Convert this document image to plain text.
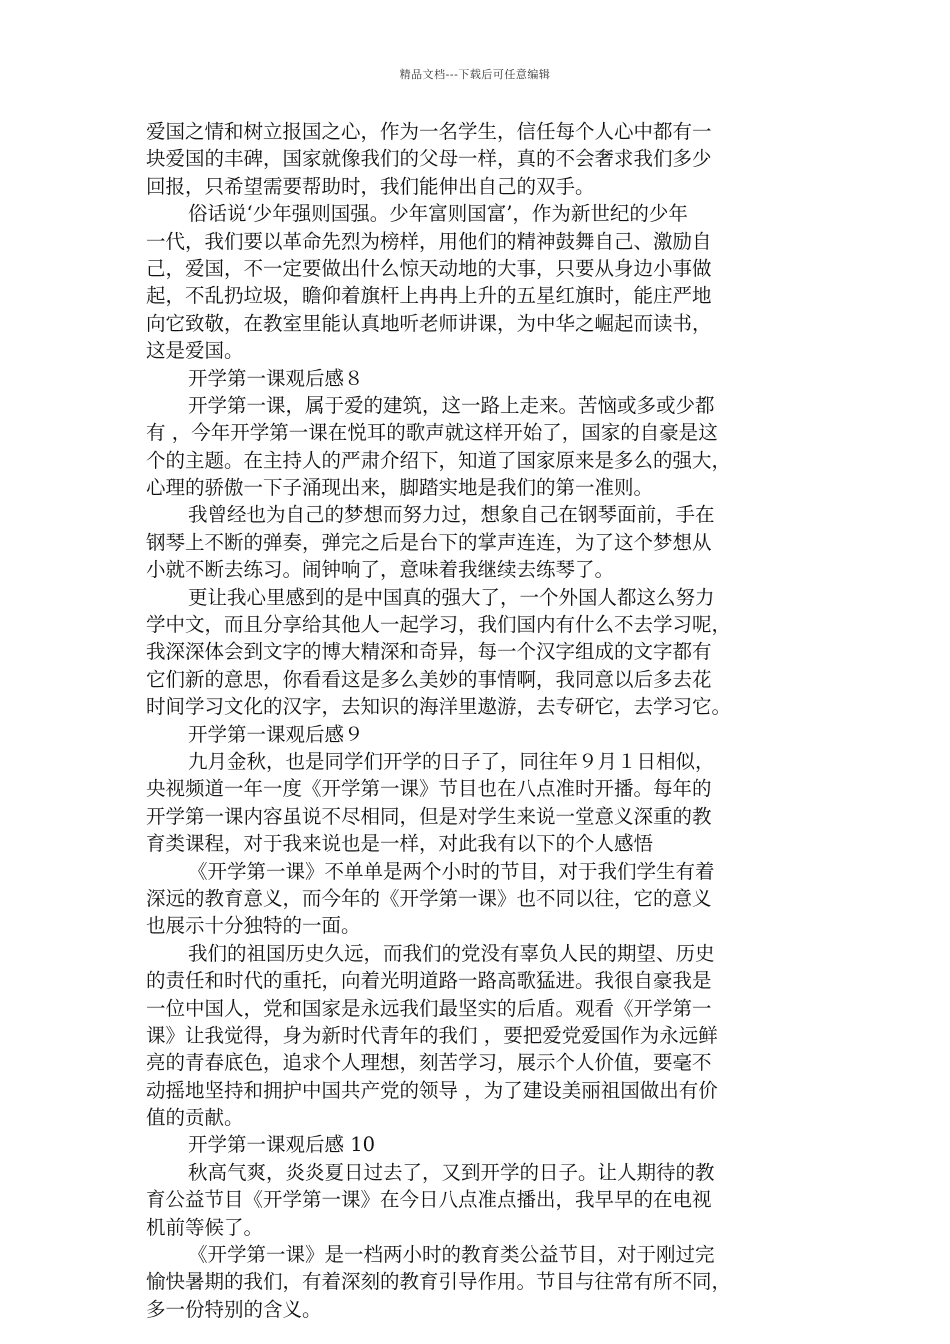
精品文档---下载后可任意编辑
爱国之情和树立报国之心，作为一名学生，信任每个人心中都有一
块爱国的丰碑，国家就像我们的父母一样，真的不会奢求我们多少
回报，只希望需要帮助时，我们能伸出自己的双手。
俗话说‘少年强则国强。少年富则国富’，作为新世纪的少年
一代，我们要以革命先烈为榜样，用他们的精神鼓舞自己、激励自
己，爱国，不一定要做出什么惊天动地的大事，只要从身边小事做
起，不乱扔垃圾，瞻仰着旗杆上冉冉上升的五星红旗时，能庄严地
向它致敬，在教室里能认真地听老师讲课，为中华之崛起而读书，
这是爱国。
开学第一课观后感８
开学第一课，属于爱的建筑，这一路上走来。苦恼或多或少都
有 ，今年开学第一课在悦耳的歌声就这样开始了，国家的自豪是这
个的主题。在主持人的严肃介绍下，知道了国家原来是多么的强大，
心理的骄傲一下子涌现出来，脚踏实地是我们的第一准则。
我曾经也为自己的梦想而努力过，想象自己在钢琴面前，手在
钢琴上不断的弹奏，弹完之后是台下的掌声连连，为了这个梦想从
小就不断去练习。闹钟响了，意味着我继续去练琴了。
更让我心里感到的是中国真的强大了，一个外国人都这么努力
学中文，而且分享给其他人一起学习，我们国内有什么不去学习呢，
我深深体会到文字的博大精深和奇异，每一个汉字组成的文字都有
它们新的意思，你看看这是多么美妙的事情啊，我同意以后多去花
时间学习文化的汉字，去知识的海洋里遨游，去专研它，去学习它。
开学第一课观后感９
九月金秋，也是同学们开学的日子了，同往年９月１日相似，
央视频道一年一度《开学第一课》节目也在八点准时开播。每年的
开学第一课内容虽说不尽相同，但是对学生来说一堂意义深重的教
育类课程，对于我来说也是一样，对此我有以下的个人感悟
《开学第一课》不单单是两个小时的节目，对于我们学生有着
深远的教育意义，而今年的《开学第一课》也不同以往，它的意义
也展示十分独特的一面。
我们的祖国历史久远，而我们的党没有辜负人民的期望、历史
的责任和时代的重托，向着光明道路一路高歌猛进。我很自豪我是
一位中国人，党和国家是永远我们最坚实的后盾。观看《开学第一
课》让我觉得，身为新时代青年的我们 ，要把爱党爱国作为永远鲜
亮的青春底色，追求个人理想，刻苦学习，展示个人价值，要毫不
动摇地坚持和拥护中国共产党的领导 ，为了建设美丽祖国做出有价
值的贡献。
开学第一课观后感 10
秋高气爽，炎炎夏日过去了，又到开学的日子。让人期待的教
育公益节目《开学第一课》在今日八点准点播出，我早早的在电视
机前等候了。
《开学第一课》是一档两小时的教育类公益节目，对于刚过完
愉快暑期的我们，有着深刻的教育引导作用。节目与往常有所不同，
多一份特别的含义。
